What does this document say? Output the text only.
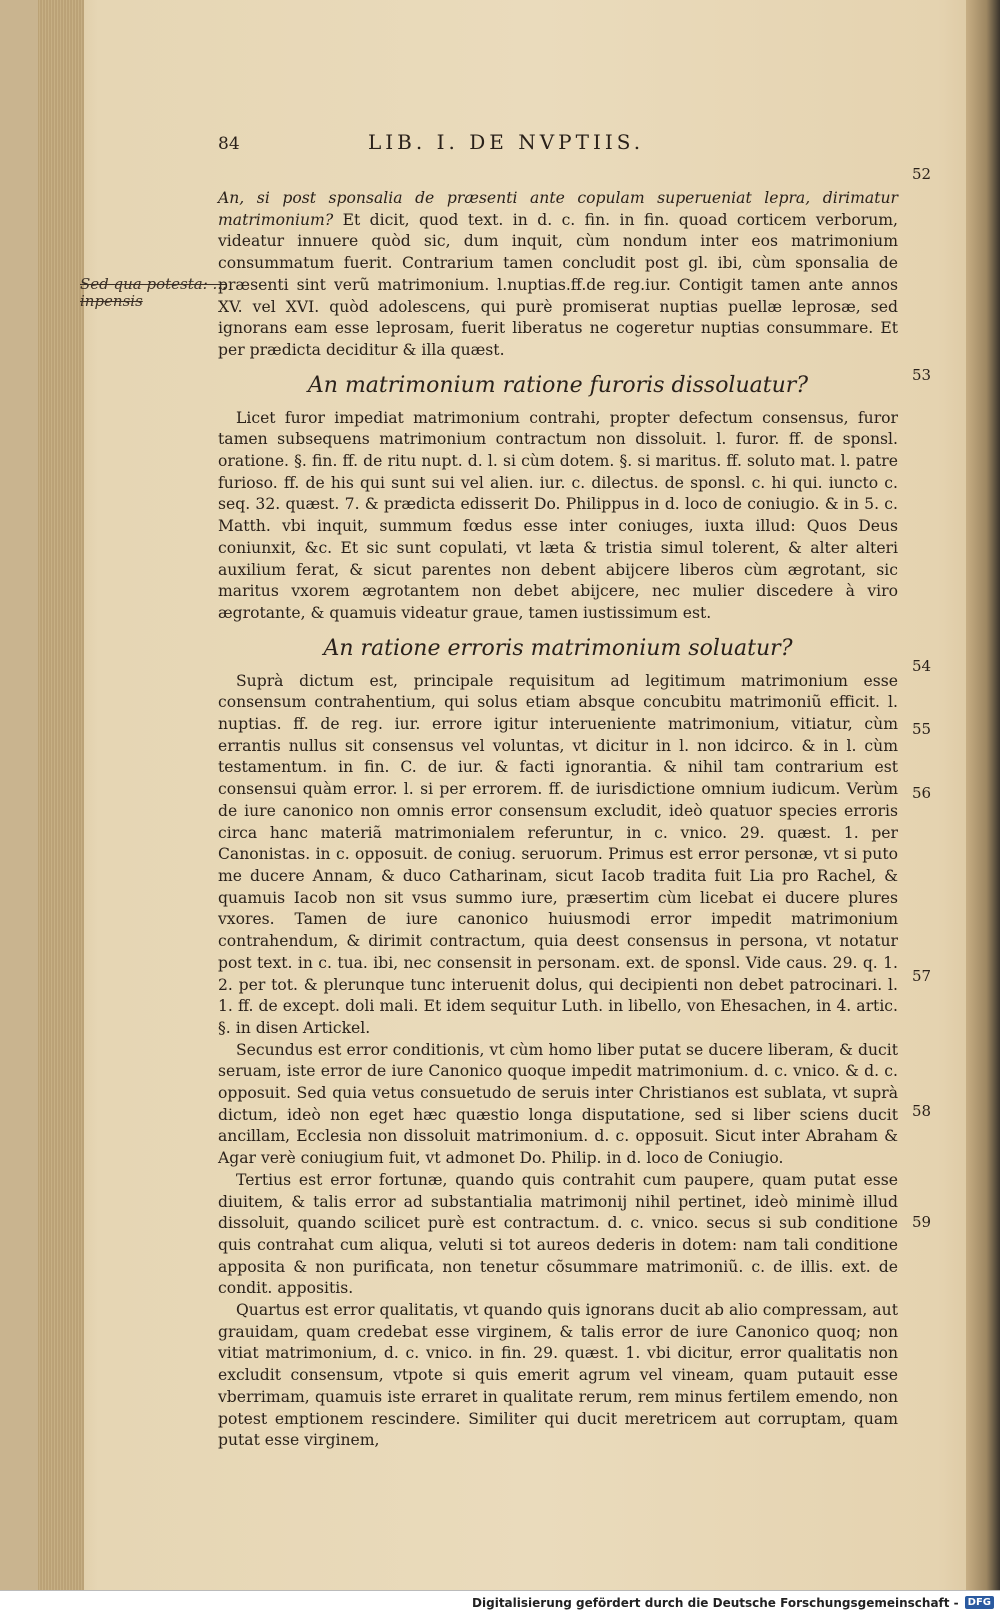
Sed qua potesta: ... inpensis
84	LIB. I. DE NVPTIIS.

An, si post sponsalia de præsenti ante copulam superueniat lepra, dirimatur matrimonium? Et dicit, quod text. in d. c. fin. in fin. quoad corticem verborum, videatur innuere quòd sic, dum inquit, cùm nondum inter eos matrimonium consummatum fuerit. Contrarium tamen concludit post gl. ibi, cùm sponsalia de præsenti sint verũ matrimonium. l.nuptias.ff.de reg.iur. Contigit tamen ante annos XV. vel XVI. quòd adolescens, qui purè promiserat nuptias puellæ leprosæ, sed ignorans eam esse leprosam, fuerit liberatus ne cogeretur nuptias consummare. Et per prædicta deciditur & illa quæst.

An matrimonium ratione furoris dissoluatur?

Licet furor impediat matrimonium contrahi, propter defectum consensus, furor tamen subsequens matrimonium contractum non dissoluit. l. furor. ff. de sponsl. oratione. §. fin. ff. de ritu nupt. d. l. si cùm dotem. §. si maritus. ff. soluto mat. l. patre furioso. ff. de his qui sunt sui vel alien. iur. c. dilectus. de sponsl. c. hi qui. iuncto c. seq. 32. quæst. 7. & prædicta edisserit Do. Philippus in d. loco de coniugio. & in 5. c. Matth. vbi inquit, summum fœdus esse inter coniuges, iuxta illud: Quos Deus coniunxit, &c. Et sic sunt copulati, vt læta & tristia simul tolerent, & alter alteri auxilium ferat, & sicut parentes non debent abijcere liberos cùm ægrotant, sic maritus vxorem ægrotantem non debet abijcere, nec mulier discedere à viro ægrotante, & quamuis videatur graue, tamen iustissimum est.

An ratione erroris matrimonium soluatur?

Suprà dictum est, principale requisitum ad legitimum matrimonium esse consensum contrahentium, qui solus etiam absque concubitu matrimoniũ efficit. l. nuptias. ff. de reg. iur. errore igitur interueniente matrimonium, vitiatur, cùm errantis nullus sit consensus vel voluntas, vt dicitur in l. non idcirco. & in l. cùm testamentum. in fin. C. de iur. & facti ignorantia. & nihil tam contrarium est consensui quàm error. l. si per errorem. ff. de iurisdictione omnium iudicum. Verùm de iure canonico non omnis error consensum excludit, ideò quatuor species erroris circa hanc materiã matrimonialem referuntur, in c. vnico. 29. quæst. 1. per Canonistas. in c. opposuit. de coniug. seruorum. Primus est error personæ, vt si puto me ducere Annam, & duco Catharinam, sicut Iacob tradita fuit Lia pro Rachel, & quamuis Iacob non sit vsus summo iure, præsertim cùm licebat ei ducere plures vxores. Tamen de iure canonico huiusmodi error impedit matrimonium contrahendum, & dirimit contractum, quia deest consensus in persona, vt notatur post text. in c. tua. ibi, nec consensit in personam. ext. de sponsl. Vide caus. 29. q. 1. 2. per tot. & plerunque tunc interuenit dolus, qui decipienti non debet patrocinari. l. 1. ff. de except. doli mali. Et idem sequitur Luth. in libello, von Ehesachen, in 4. artic. §. in disen Artickel.

Secundus est error conditionis, vt cùm homo liber putat se ducere liberam, & ducit seruam, iste error de iure Canonico quoque impedit matrimonium. d. c. vnico. & d. c. opposuit. Sed quia vetus consuetudo de seruis inter Christianos est sublata, vt suprà dictum, ideò non eget hæc quæstio longa disputatione, sed si liber sciens ducit ancillam, Ecclesia non dissoluit matrimonium. d. c. opposuit. Sicut inter Abraham & Agar verè coniugium fuit, vt admonet Do. Philip. in d. loco de Coniugio.

Tertius est error fortunæ, quando quis contrahit cum paupere, quam putat esse diuitem, & talis error ad substantialia matrimonij nihil pertinet, ideò minimè illud dissoluit, quando scilicet purè est contractum. d. c. vnico. secus si sub conditione quis contrahat cum aliqua, veluti si tot aureos dederis in dotem: nam tali conditione apposita & non purificata, non tenetur cõsummare matrimoniũ. c. de illis. ext. de condit. appositis.

Quartus est error qualitatis, vt quando quis ignorans ducit ab alio compressam, aut grauidam, quam credebat esse virginem, & talis error de iure Canonico quoq; non vitiat matrimonium, d. c. vnico. in fin. 29. quæst. 1. vbi dicitur, error qualitatis non excludit consensum, vtpote si quis emerit agrum vel vineam, quam putauit esse vberrimam, quamuis iste erraret in qualitate rerum, rem minus fertilem emendo, non potest emptionem rescindere. Similiter qui ducit meretricem aut corruptam, quam putat esse virginem,

52
53
54
55
56
57
58
59
Digitalisierung gefördert durch die Deutsche Forschungsgemeinschaft - DFG
